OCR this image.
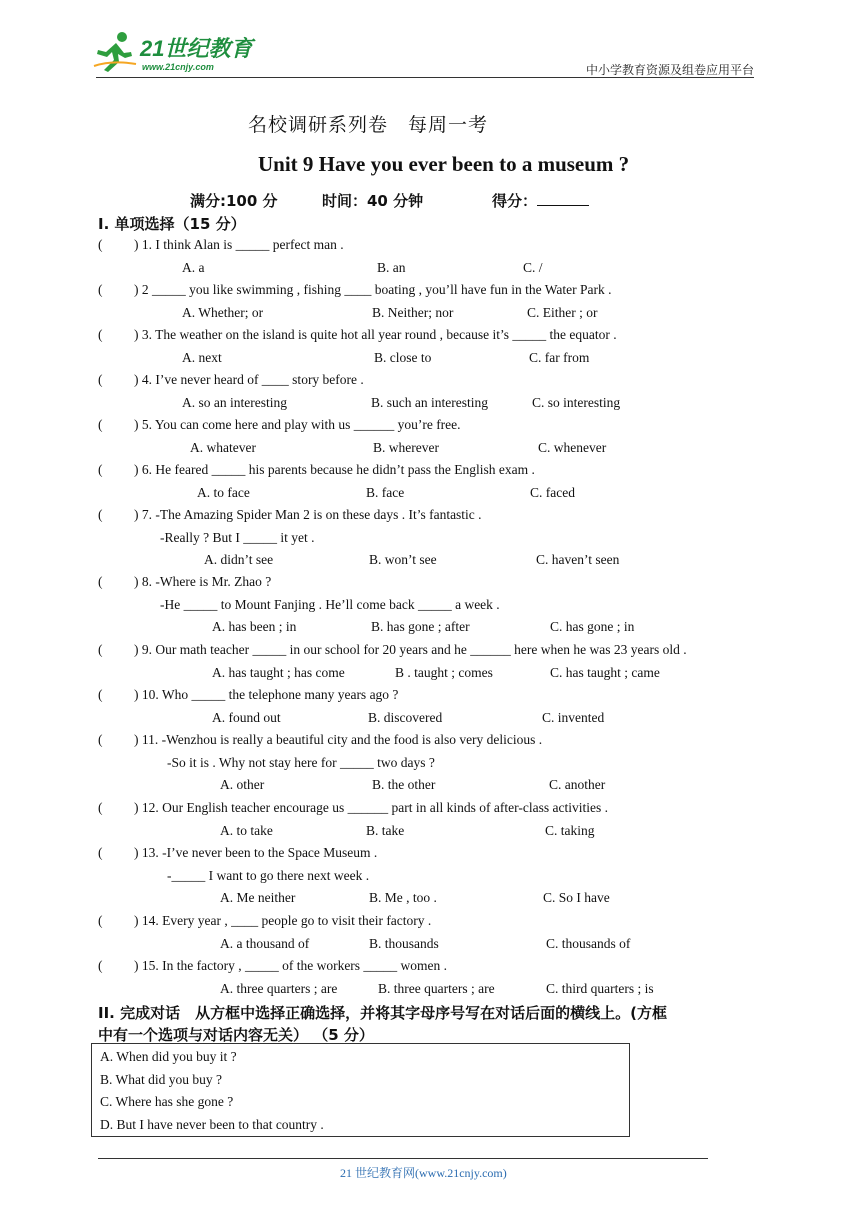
21世纪教育
www.21cnjy.com	中小学教育资源及组卷应用平台
名校调研系列卷　每周一考
Unit 9 Have you ever been to a museum ?
满分:100 分	时间：40 分钟	得分：
I. 单项选择（15 分）
( ) 1. I think Alan is _____ perfect man .
A. a	B. an	C. /
( ) 2 _____ you like swimming , fishing ____ boating , you’ll have fun in the Water Park .
A. Whether; or	B. Neither; nor	C. Either ; or
( ) 3. The weather on the island is quite hot all year round , because it’s _____ the equator .
A. next	B. close to	C. far from
( ) 4. I’ve never heard of ____ story before .
A. so an interesting	B. such an interesting	C. so interesting
( ) 5. You can come here and play with us ______ you’re free.
A. whatever	B. wherever	C. whenever
( ) 6. He feared _____ his parents because he didn’t pass the English exam .
A. to face	B. face	C. faced
( ) 7. -The Amazing Spider Man 2 is on these days . It’s fantastic .
-Really ? But I _____ it yet .
A. didn’t see	B. won’t see	C. haven’t seen
( ) 8. -Where is Mr. Zhao ?
-He _____ to Mount Fanjing . He’ll come back _____ a week .
A. has been ; in	B. has gone ; after	C. has gone ; in
( ) 9. Our math teacher _____ in our school for 20 years and he ______ here when he was 23 years old .
A. has taught ; has come	B . taught ; comes	C. has taught ; came
( ) 10. Who _____ the telephone many years ago ?
A. found out	B. discovered	C. invented
( ) 11. -Wenzhou is really a beautiful city and the food is also very delicious .
-So it is . Why not stay here for _____ two days ?
A. other	B. the other	C. another
( ) 12. Our English teacher encourage us ______ part in all kinds of after-class activities .
A. to take	B. take	C. taking
( ) 13. -I’ve never been to the Space Museum .
-_____ I want to go there next week .
A. Me neither	B. Me , too .	C. So I have
( ) 14. Every year , ____ people go to visit their factory .
A. a thousand of	B. thousands	C. thousands of
( ) 15. In the factory , _____ of the workers _____ women .
A. three quarters ; are	B. three quarters ; are	C. third quarters ; is
II. 完成对话　从方框中选择正确选择，并将其字母序号写在对话后面的横线上。(方框
中有一个选项与对话内容无关） （5 分）
A. When did you buy it ?
B. What did you buy ?
C. Where has she gone ?
D. But I have never been to that country .
21 世纪教育网(www.21cnjy.com)
